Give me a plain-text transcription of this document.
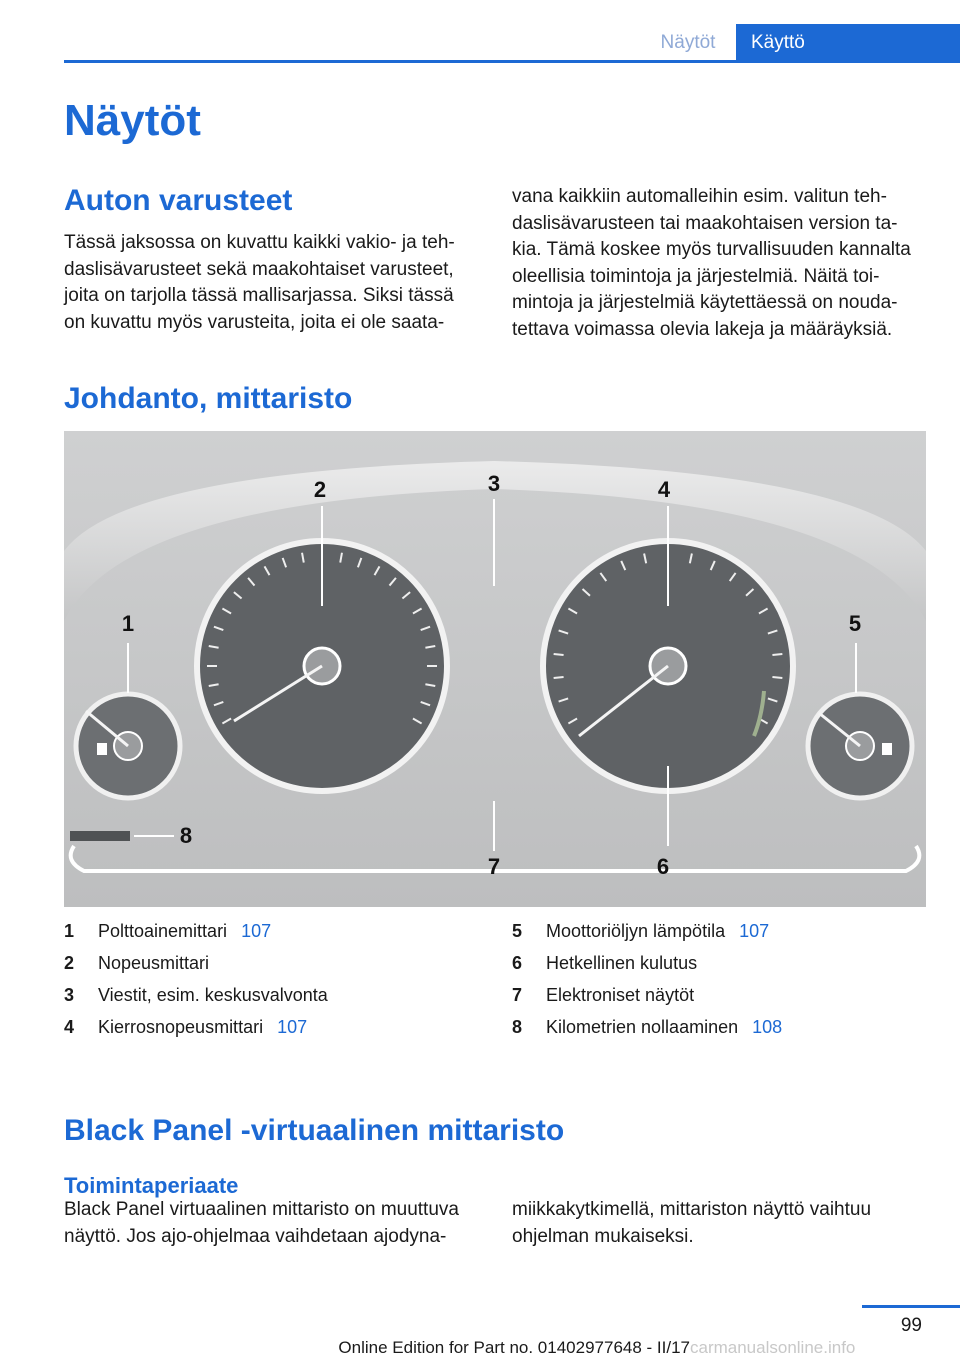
Näytöt	Käyttö
Näytöt
Auton varusteet
Tässä jaksossa on kuvattu kaikki vakio- ja teh-
daslisävarusteet sekä maakohtaiset varusteet,
joita on tarjolla tässä mallisarjassa. Siksi tässä
on kuvattu myös varusteita, joita ei ole saata-
vana kaikkiin automalleihin esim. valitun teh-
daslisävarusteen tai maakohtaisen version ta-
kia. Tämä koskee myös turvallisuuden kannalta
oleellisia toimintoja ja järjestelmiä. Näitä toi-
mintoja ja järjestelmiä käytettäessä on nouda-
tettava voimassa olevia lakeja ja määräyksiä.
Johdanto, mittaristo
1
2	3	4
5
6
7
8
1	Polttoainemittari 107
2	Nopeusmittari
3	Viestit, esim. keskusvalvonta
4	Kierrosnopeusmittari 107
5	Moottoriöljyn lämpötila 107
6	Hetkellinen kulutus
7	Elektroniset näytöt
8	Kilometrien nollaaminen 108
Black Panel -virtuaalinen mittaristo
Toimintaperiaate
Black Panel virtuaalinen mittaristo on muuttuva
näyttö. Jos ajo-ohjelmaa vaihdetaan ajodyna-
miikkakytkimellä, mittariston näyttö vaihtuu
ohjelman mukaiseksi.
99
Online Edition for Part no. 01402977648 - II/17 carmanualsonline.info
